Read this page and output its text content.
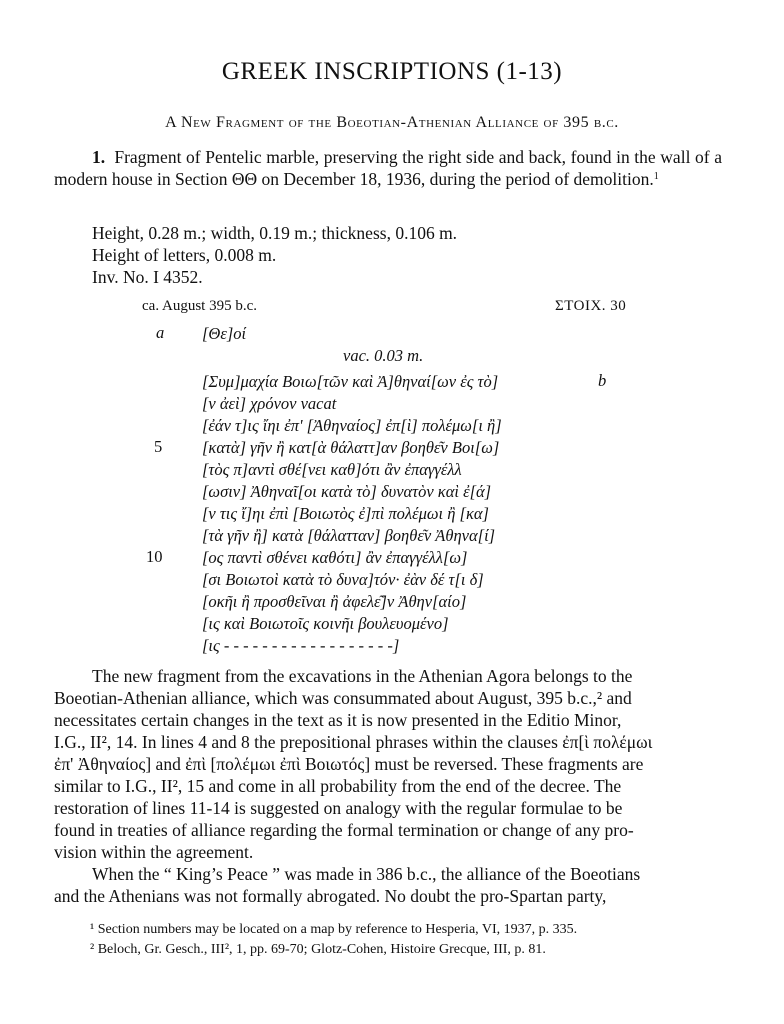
GREEK INSCRIPTIONS (1-13)
A New Fragment of the Boeotian-Athenian Alliance of 395 b.c.
1. Fragment of Pentelic marble, preserving the right side and back, found in the wall of a modern house in Section ΘΘ on December 18, 1936, during the period of demolition.$^1$
Height, 0.28 m.; width, 0.19 m.; thickness, 0.106 m.
Height of letters, 0.008 m.
Inv. No. I 4352.
ca. August 395 b.c.	ΣΤΟΙΧ. 30
a [Θε]οί
vac. 0.03 m.
b
5
10
[Συμ]μαχία Βοιω[τῶν καὶ Ἀ]θηναί[ων ἐς τὸ]
[ν ἀεὶ] χρόνον vacat
[ἐάν τ]ις ἴηι ἐπ' [Ἀθηναίος] ἐπ[ὶ] πολέμω[ι ἢ]
[κατὰ] γῆν ἢ κατ[ὰ θάλαττ]αν βοηθε͂ν Βοι[ω]
[τὸς π]αντὶ σθέ[νει καθ]ότι ἂν ἐπαγγέλλ
[ωσιν] Ἀθηναῖ[οι κατὰ τὸ] δυνατὸν καὶ ἐ[ά]
[ν τις ἴ]ηι ἐπὶ [Βοιωτὸς ἐ]πὶ πολέμωι ἢ [κα]
[τὰ γῆν ἢ] κατὰ [θάλατταν] βοηθε͂ν Ἀθηνα[ί]
[ος παντὶ σθένει καθότι] ἂν ἐπαγγέλλ[ω]
[σι Βοιωτοὶ κατὰ τὸ δυνα]τόν· ἐὰν δέ τ[ι δ]
[οκῆι ἢ προσθεῖναι ἢ ἀφελε͂]ν Ἀθην[αίο]
[ις καὶ Βοιωτοῖς κοινῆι βουλευομένο]
[ις - - - - - - - - - - - - - - - - - -]
The new fragment from the excavations in the Athenian Agora belongs to the
Boeotian-Athenian alliance, which was consummated about August, 395 b.c.,² and
necessitates certain changes in the text as it is now presented in the Editio Minor,
I.G., II², 14. In lines 4 and 8 the prepositional phrases within the clauses ἐπ[ὶ πολέμωι
ἐπ' Ἀθηναίος] and ἐπὶ [πολέμωι ἐπὶ Βοιωτός] must be reversed. These fragments are
similar to I.G., II², 15 and come in all probability from the end of the decree. The
restoration of lines 11-14 is suggested on analogy with the regular formulae to be
found in treaties of alliance regarding the formal termination or change of any pro-
vision within the agreement.
When the “ King’s Peace ” was made in 386 b.c., the alliance of the Boeotians
and the Athenians was not formally abrogated. No doubt the pro-Spartan party,
¹ Section numbers may be located on a map by reference to Hesperia, VI, 1937, p. 335.
² Beloch, Gr. Gesch., III², 1, pp. 69-70; Glotz-Cohen, Histoire Grecque, III, p. 81.
